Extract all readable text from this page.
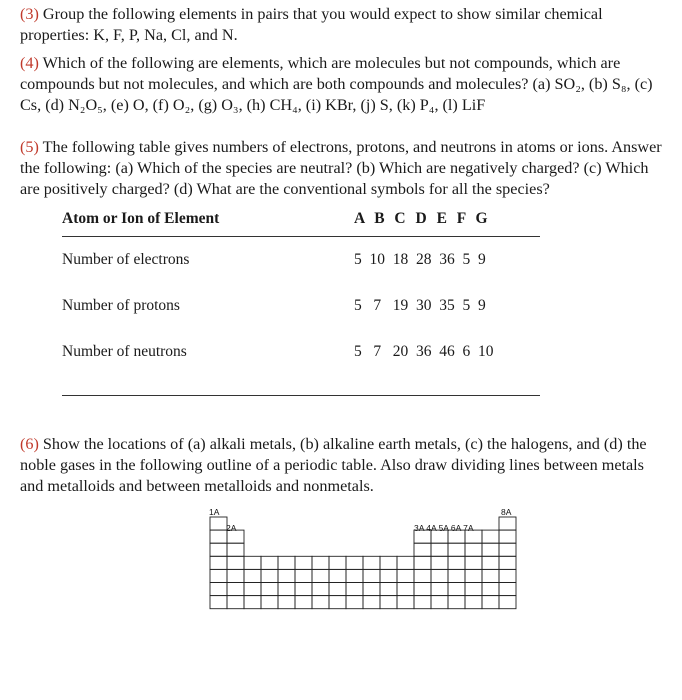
(3) Group the following elements in pairs that you would expect to show similar chemical properties: K, F, P, Na, Cl, and N.
(4) Which of the following are elements, which are molecules but not compounds, which are compounds but not molecules, and which are both compounds and molecules? (a) SO₂, (b) S₈, (c) Cs, (d) N₂O₅, (e) O, (f) O₂, (g) O₃, (h) CH₄, (i) KBr, (j) S, (k) P₄, (l) LiF
(5) The following table gives numbers of electrons, protons, and neutrons in atoms or ions. Answer the following: (a) Which of the species are neutral? (b) Which are negatively charged? (c) Which are positively charged? (d) What are the conventional symbols for all the species?
Atom or Ion of Element	A B C D E F G
Number of electrons	5  10  18  28  36  5  9
Number of protons	5   7   19  30  35  5  9
Number of neutrons	5   7   20  36  46  6  10
(6) Show the locations of (a) alkali metals, (b) alkaline earth metals, (c) the halogens, and (d) the noble gases in the following outline of a periodic table. Also draw dividing lines between metals and metalloids and between metalloids and nonmetals.
1A
2A	3A 4A 5A 6A 7A
8A
